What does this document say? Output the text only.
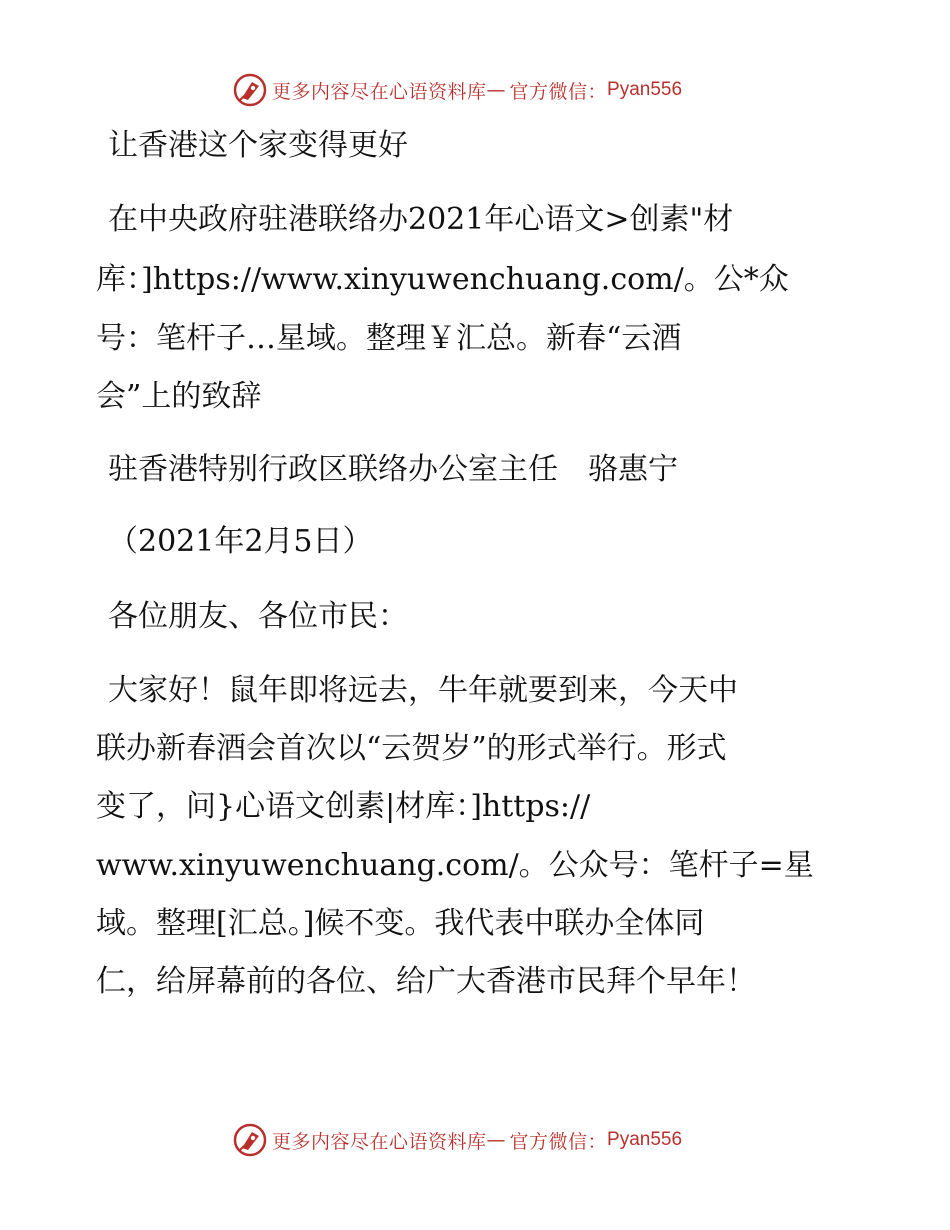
更多内容尽在心语资料库 — 官方微信： Pyan556
让香港这个家变得更好
在中央政府驻港联络办2021年心语文>创素"材
库：]https://www.xinyuwenchuang.com/。公*众
号：笔杆子…星域。整理￥汇总。新春“云酒
会”上的致辞
驻香港特别行政区联络办公室主任　骆惠宁
（2021年2月5日）
各位朋友、各位市民：
大家好！鼠年即将远去，牛年就要到来，今天中
联办新春酒会首次以“云贺岁”的形式举行。形式
变了，问}心语文创素|材库：]https://
www.xinyuwenchuang.com/。公众号：笔杆子=星
域。整理[汇总。]候不变。我代表中联办全体同
仁，给屏幕前的各位、给广大香港市民拜个早年！
更多内容尽在心语资料库 — 官方微信： Pyan556
